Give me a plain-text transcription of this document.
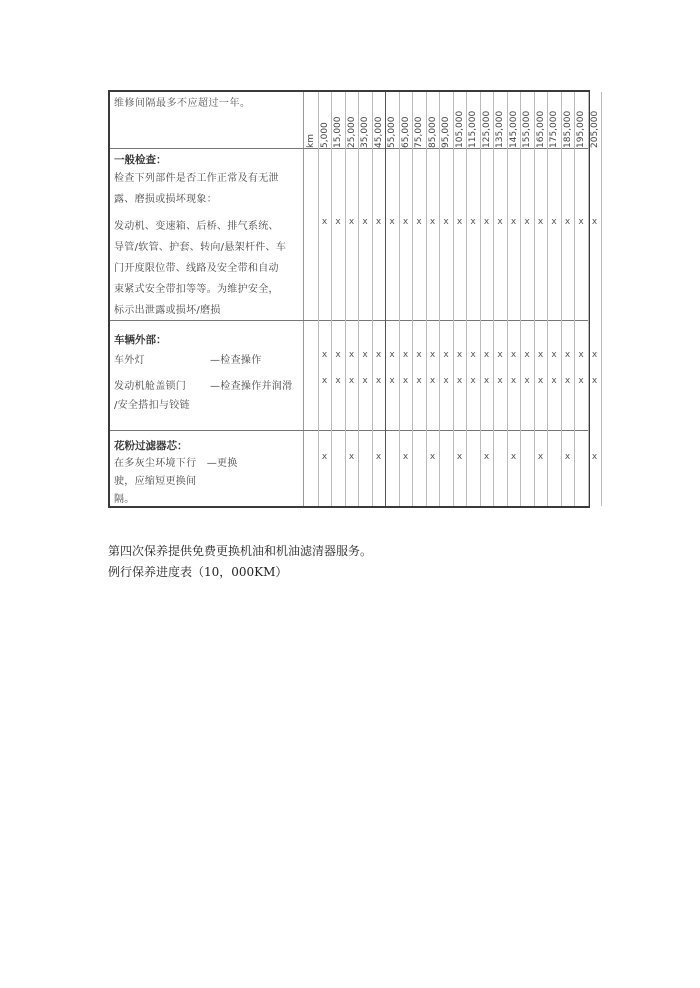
维修间隔最多不应超过一年。
一般检查：
检查下列部件是否工作正常及有无泄
露、磨损或损坏现象：
发动机、变速箱、后桥、排气系统、
导管/软管、护套、转向/悬架杆件、车
门开度限位带、线路及安全带和自动
束紧式安全带扣等等。为维护安全，
标示出泄露或损坏/磨损
车辆外部：
车外灯	—检查操作
发动机舱盖锁门
/安全搭扣与铰链
—检查操作并润滑
花粉过滤器芯：
在多灰尘环境下行　—更换
驶，应缩短更换间
隔。
km 5,000
x
x
x
x
15,000
x
x
x
25,000
x
x
x
x
35,000
x
x
x
45,000
x
x
x
x
55,000
x
x
x
65,000
x
x
x
x
75,000
x
x
x
85,000
x
x
x
x
95,000
x
x
x
105,000
x
x
x
x
115,000
x
x
x
125,000
x
x
x
x
135,000
x
x
x
145,000
x
x
x
x
155,000
x
x
x
165,000
x
x
x
x
175,000
x
x
x
185,000
x
x
x
x
195,000
x
x
x
205,000
x
x
x
x
第四次保养提供免费更换机油和机油滤清器服务。
例行保养进度表（10，000KM）
